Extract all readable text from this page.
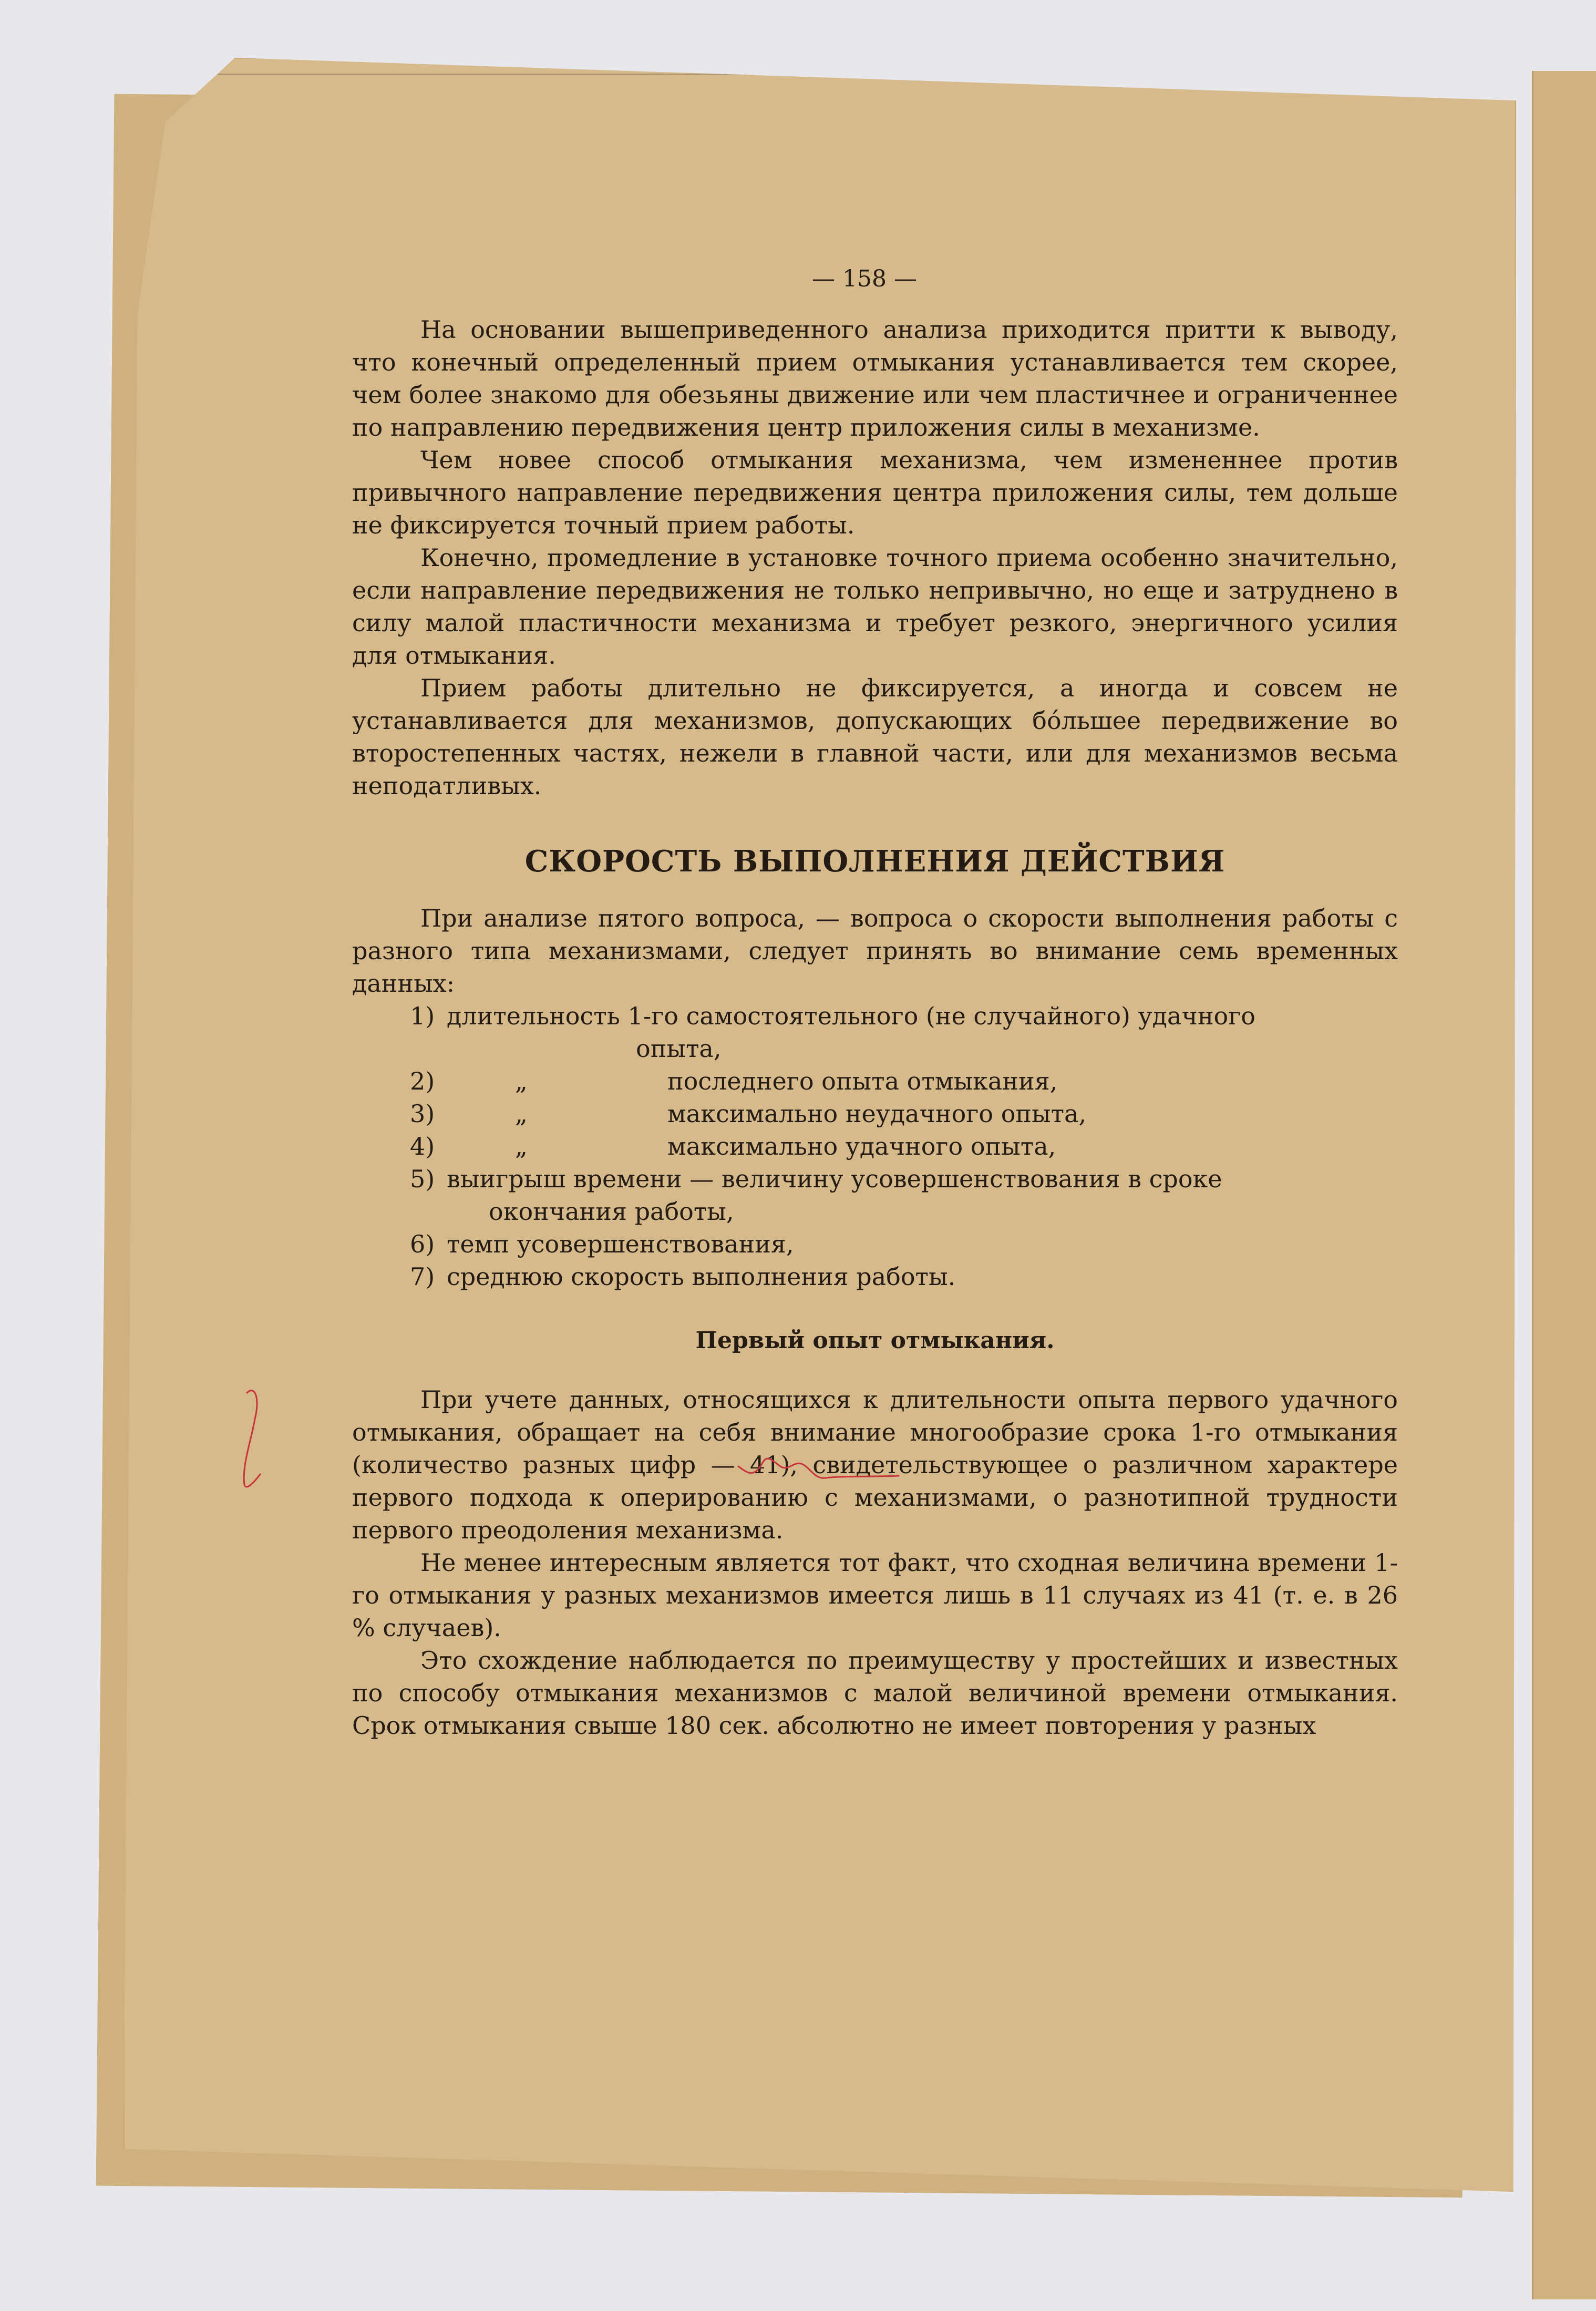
— 158 —

На основании вышеприведенного анализа приходится притти к выводу, что конечный определенный прием отмыкания устанавливается тем скорее, чем более знакомо для обезьяны движение или чем пластичнее и ограниченнее по направлению передвижения центр приложения силы в механизме.

Чем новее способ отмыкания механизма, чем измененнее против привычного направление передвижения центра приложения силы, тем дольше не фиксируется точный прием работы.

Конечно, промедление в установке точного приема особенно значительно, если направление передвижения не только непривычно, но еще и затруднено в силу малой пластичности механизма и требует резкого, энергичного усилия для отмыкания.

Прием работы длительно не фиксируется, а иногда и совсем не устанавливается для механизмов, допускающих бо́льшее передвижение во второстепенных частях, нежели в главной части, или для механизмов весьма неподатливых.

СКОРОСТЬ ВЫПОЛНЕНИЯ ДЕЙСТВИЯ

При анализе пятого вопроса, — вопроса о скорости выполнения работы с разного типа механизмами, следует принять во внимание семь временных данных:

1) длительность 1-го самостоятельного (не случайного) удачного
опыта,
2)	„	последнего опыта отмыкания,
3)	„	максимально неудачного опыта,
4)	„	максимально удачного опыта,
5) выигрыш времени — величину усовершенствования в сроке
окончания работы,
6) темп усовершенствования,
7) среднюю скорость выполнения работы.
Первый опыт отмыкания.

При учете данных, относящихся к длительности опыта первого удачного отмыкания, обращает на себя внимание многообразие срока 1-го отмыкания (количество разных цифр — 41), свидетельствующее о различном характере первого подхода к оперированию с механизмами, о разнотипной трудности первого преодоления механизма.

Не менее интересным является тот факт, что сходная величина времени 1-го отмыкания у разных механизмов имеется лишь в 11 случаях из 41 (т. е. в 26 % случаев).

Это схождение наблюдается по преимуществу у простейших и известных по способу отмыкания механизмов с малой величиной времени отмыкания. Срок отмыкания свыше 180 сек. абсолютно не имеет повторения у разных
